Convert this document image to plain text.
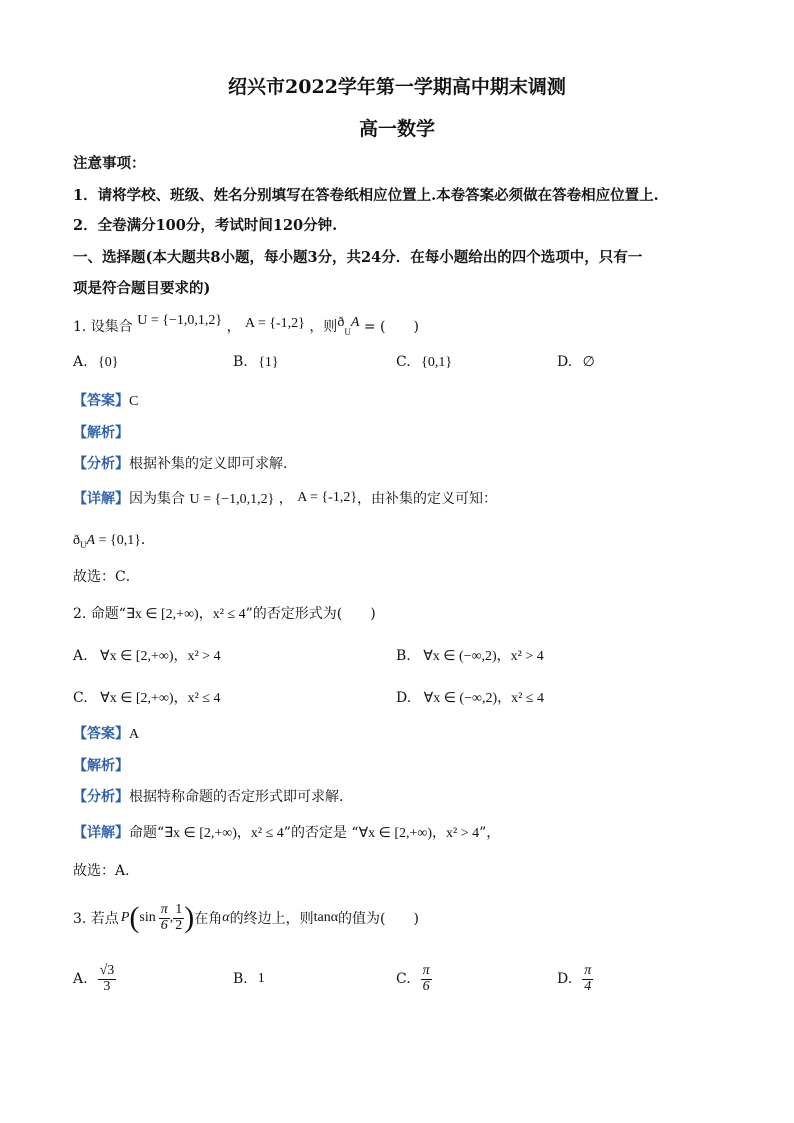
绍兴市2022学年第一学期高中期末调测
高一数学
注意事项：
1．请将学校、班级、姓名分别填写在答卷纸相应位置上.本卷答案必须做在答卷相应位置上.
2．全卷满分100分，考试时间120分钟.
一、选择题(本大题共8小题，每小题3分，共24分．在每小题给出的四个选项中，只有一
项是符合题目要求的)
1. 设集合 U = {−1,0,1,2} ， A = {-1,2} ，则$ð_UA$ = (　　)
A. {0}	B. {1}	C. {0,1}	D. ∅
【答案】C
【解析】
【分析】根据补集的定义即可求解.
【详解】因为集合 U = {−1,0,1,2} ， A = {-1,2}，由补集的定义可知：
$ð_UA = \{0,1\}$．
故选：C．
2. 命题“∃x ∈ [2,+∞)，x² ≤ 4”的否定形式为(　　)
A. ∀x ∈ [2,+∞)，x² > 4	B. ∀x ∈ (−∞,2)，x² > 4
C. ∀x ∈ [2,+∞)，x² ≤ 4	D. ∀x ∈ (−∞,2)，x² ≤ 4
【答案】A
【解析】
【分析】根据特称命题的否定形式即可求解.
【详解】命题“∃x ∈ [2,+∞)，x² ≤ 4”的否定是 “∀x ∈ [2,+∞)，x² > 4”，
故选：A．
3. 若点 P ( $\sin \frac{\pi}{6}$ , $\frac{1}{2}$ ) 在角 α 的终边上，则 tanα 的值为(　　)
A. $\frac{√3}{3}$	B. 1	C. $\frac{\pi}{6}$	D. $\frac{\pi}{4}$
